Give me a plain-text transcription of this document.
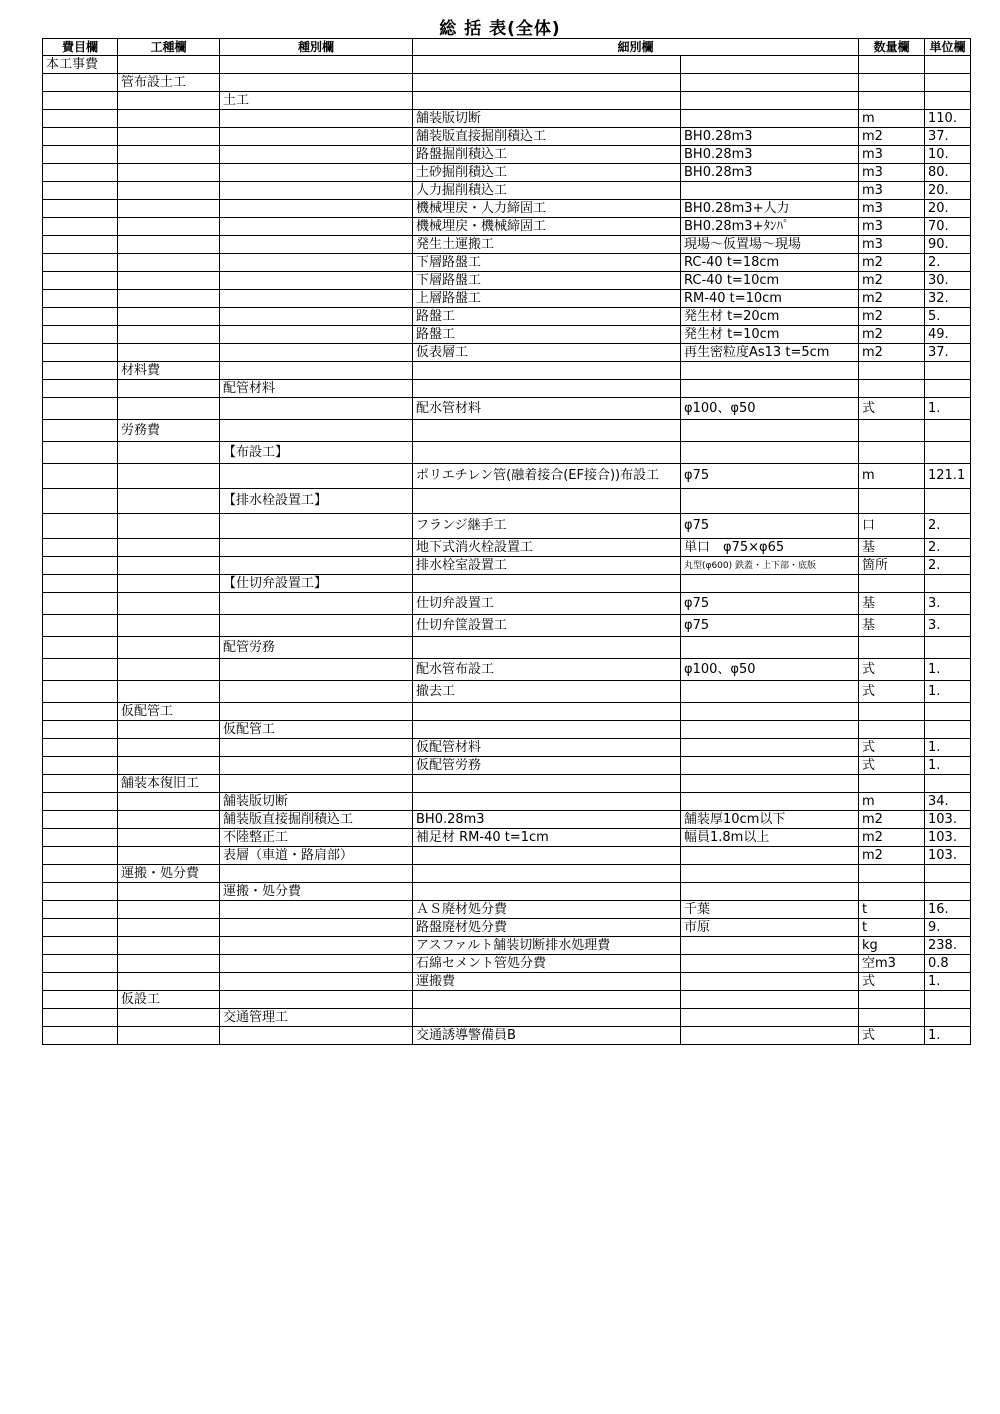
総 括 表(全体)
費目欄	工種欄	種別欄	細別欄		数量欄	単位欄
本工事費						
	管布設土工					
		土工				
			舗装版切断		m	110.
			舗装版直接掘削積込工	BH0.28m3	m2	37.
			路盤掘削積込工	BH0.28m3	m3	10.
			土砂掘削積込工	BH0.28m3	m3	80.
			人力掘削積込工		m3	20.
			機械埋戻・人力締固工	BH0.28m3+人力	m3	20.
			機械埋戻・機械締固工	BH0.28m3+ﾀﾝﾊﾟ	m3	70.
			発生土運搬工	現場～仮置場～現場	m3	90.
			下層路盤工	RC-40 t=18cm	m2	2.
			下層路盤工	RC-40 t=10cm	m2	30.
			上層路盤工	RM-40 t=10cm	m2	32.
			路盤工	発生材 t=20cm	m2	5.
			路盤工	発生材 t=10cm	m2	49.
			仮表層工	再生密粒度As13 t=5cm	m2	37.
	材料費					
		配管材料				
			配水管材料	φ100、φ50	式	1.
	労務費					
		【布設工】				
			ポリエチレン管(融着接合(EF接合))布設工	φ75	m	121.1
		【排水栓設置工】				
			フランジ継手工	φ75	口	2.
			地下式消火栓設置工	単口　φ75×φ65	基	2.
			排水栓室設置工	丸型(φ600) 鉄蓋・上下部・底版	箇所	2.
		【仕切弁設置工】				
			仕切弁設置工	φ75	基	3.
			仕切弁筺設置工	φ75	基	3.
		配管労務				
			配水管布設工	φ100、φ50	式	1.
			撤去工		式	1.
	仮配管工					
		仮配管工				
			仮配管材料		式	1.
			仮配管労務		式	1.
	舗装本復旧工					
		舗装版切断			m	34.
		舗装版直接掘削積込工	BH0.28m3	舗装厚10cm以下	m2	103.
		不陸整正工	補足材 RM-40 t=1cm	幅員1.8m以上	m2	103.
		表層（車道・路肩部）			m2	103.
	運搬・処分費					
		運搬・処分費				
			ＡＳ廃材処分費	千葉	t	16.
			路盤廃材処分費	市原	t	9.
			アスファルト舗装切断排水処理費		kg	238.
			石綿セメント管処分費		空m3	0.8
			運搬費		式	1.
	仮設工					
		交通管理工				
			交通誘導警備員B		式	1.
